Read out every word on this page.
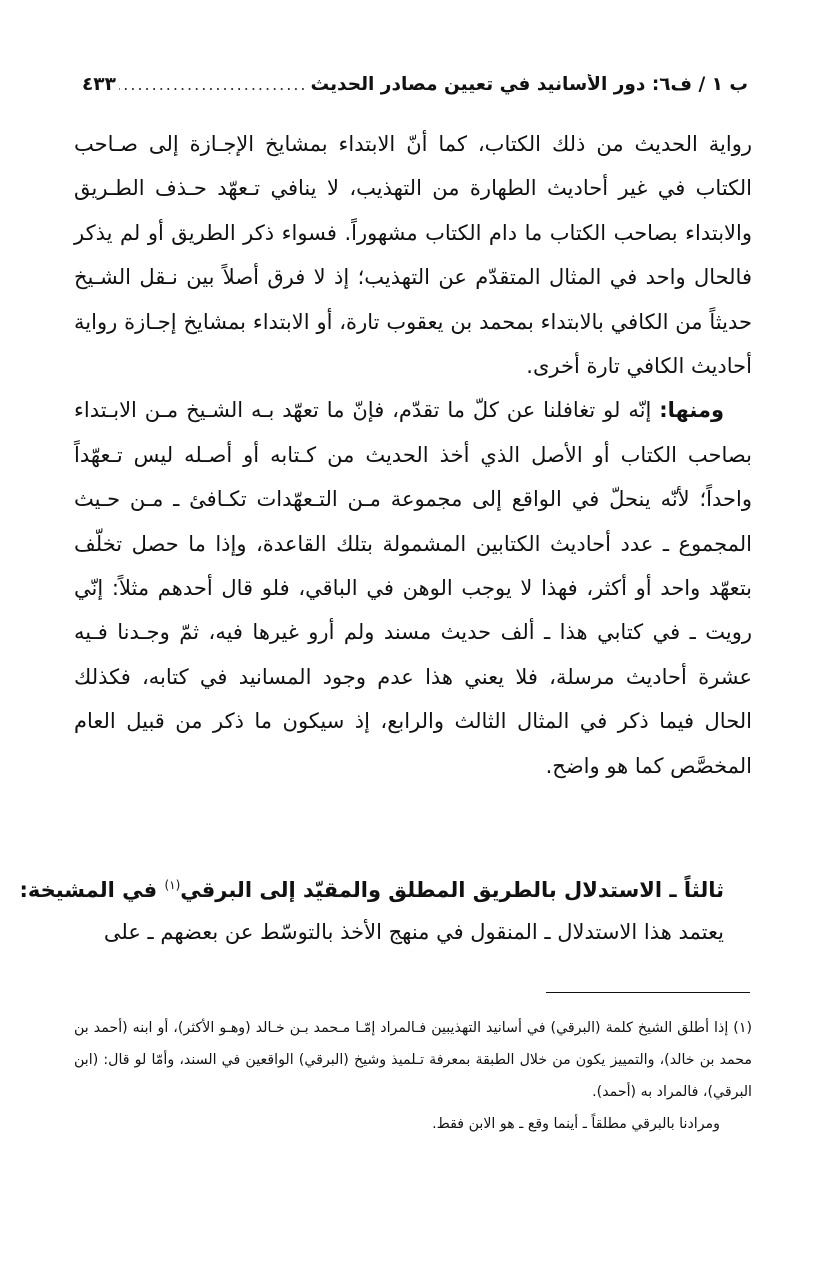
ب ١ / ف٦: دور الأسانيد في تعيين مصادر الحديث
.....
٤٣٣

رواية الحديث من ذلك الكتاب، كما أنّ الابتداء بمشايخ الإجـازة إلى صـاحب الكتاب في غير أحاديث الطهارة من التهذيب، لا ينافي تـعهّد حـذف الطـريق والابتداء بصاحب الكتاب ما دام الكتاب مشهوراً. فسواء ذكر الطريق أو لم يذكر فالحال واحد في المثال المتقدّم عن التهذيب؛ إذ لا فرق أصلاً بين نـقل الشـيخ حديثاً من الكافي بالابتداء بمحمد بن يعقوب تارة، أو الابتداء بمشايخ إجـازة رواية أحاديث الكافي تارة أخرى.

ومنها: إنّه لو تغافلنا عن كلّ ما تقدّم، فإنّ ما تعهّد بـه الشـيخ مـن الابـتداء بصاحب الكتاب أو الأصل الذي أخذ الحديث من كـتابه أو أصـله ليس تـعهّداً واحداً؛ لأنّه ينحلّ في الواقع إلى مجموعة مـن التـعهّدات تكـافئ ـ مـن حـيث المجموع ـ عدد أحاديث الكتابين المشمولة بتلك القاعدة، وإذا ما حصل تخلّف بتعهّد واحد أو أكثر، فهذا لا يوجب الوهن في الباقي، فلو قال أحدهم مثلاً: إنّي رويت ـ في كتابي هذا ـ ألف حديث مسند ولم أرو غيرها فيه، ثمّ وجـدنا فـيه عشرة أحاديث مرسلة، فلا يعني هذا عدم وجود المسانيد في كتابه، فكذلك الحال فيما ذكر في المثال الثالث والرابع، إذ سيكون ما ذكر من قبيل العام المخصَّص كما هو واضح.

ثالثاً ـ الاستدلال بالطريق المطلق والمقيّد إلى البرقي$^{(١)}$ في المشيخة:
يعتمد هذا الاستدلال ـ المنقول في منهج الأخذ بالتوسّط عن بعضهم ـ على

(١) إذا أطلق الشيخ كلمة (البرقي) في أسانيد التهذيبين فـالمراد إمّـا مـحمد بـن خـالد (وهـو الأكثر)، أو ابنه (أحمد بن محمد بن خالد)، والتمييز يكون من خلال الطبقة بمعرفة تـلميذ وشيخ (البرقي) الواقعين في السند، وأمّا لو قال: (ابن البرقي)، فالمراد به (أحمد).

ومرادنا بالبرقي مطلقاً ـ أينما وقع ـ هو الابن فقط.
